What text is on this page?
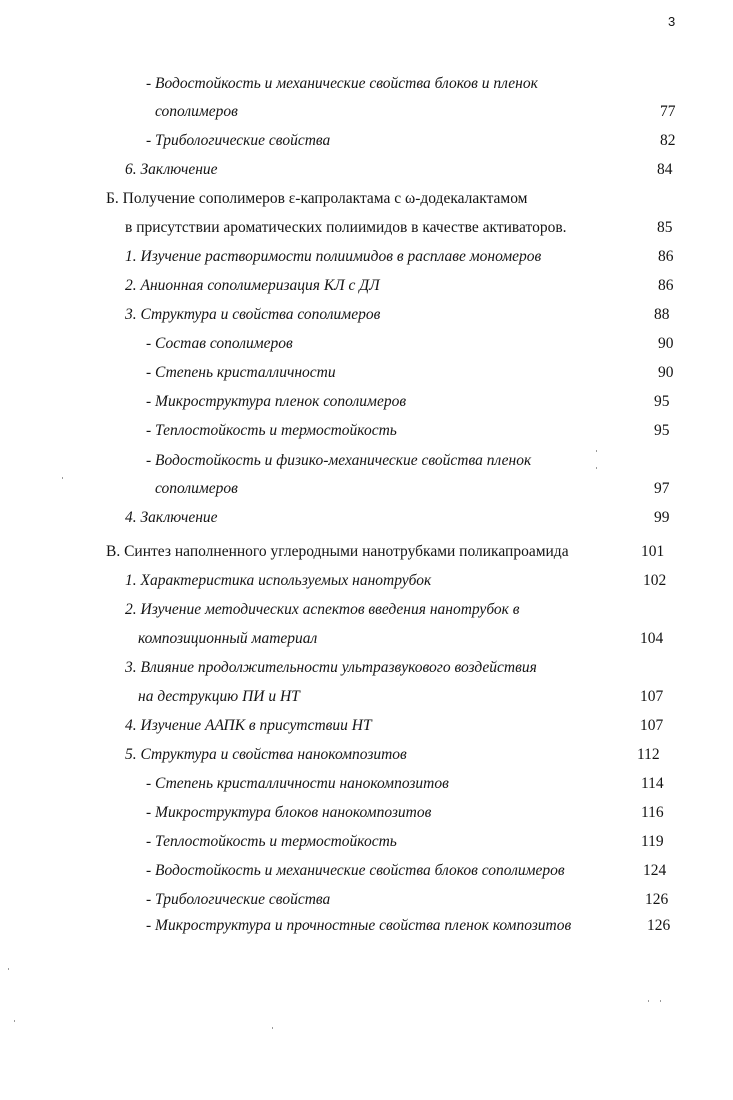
3
- Водостойкость и механические свойства блоков и пленок
сополимеров	77
- Трибологические свойства	82
6. Заключение	84
Б. Получение сополимеров ε-капролактама с ω-додекалактамом
в присутствии ароматических полиимидов в качестве активаторов.	85
1. Изучение растворимости полиимидов в расплаве мономеров	86
2. Анионная сополимеризация КЛ с ДЛ	86
3. Структура и свойства сополимеров	88
- Состав сополимеров	90
- Степень кристалличности	90
- Микроструктура пленок сополимеров	95
- Теплостойкость и термостойкость	95
- Водостойкость и физико-механические свойства пленок
сополимеров	97
4. Заключение	99
В. Синтез наполненного углеродными нанотрубками поликапроамида	101
1. Характеристика используемых нанотрубок	102
2. Изучение методических аспектов введения нанотрубок в
композиционный материал	104
3. Влияние продолжительности ультразвукового воздействия
на деструкцию ПИ и НТ	107
4. Изучение ААПК в присутствии НТ	107
5. Структура и свойства нанокомпозитов	112
- Степень кристалличности нанокомпозитов	114
- Микроструктура блоков нанокомпозитов	116
- Теплостойкость и термостойкость	119
- Водостойкость и механические свойства блоков сополимеров	124
- Трибологические свойства	126
- Микроструктура и прочностные свойства пленок композитов	126
